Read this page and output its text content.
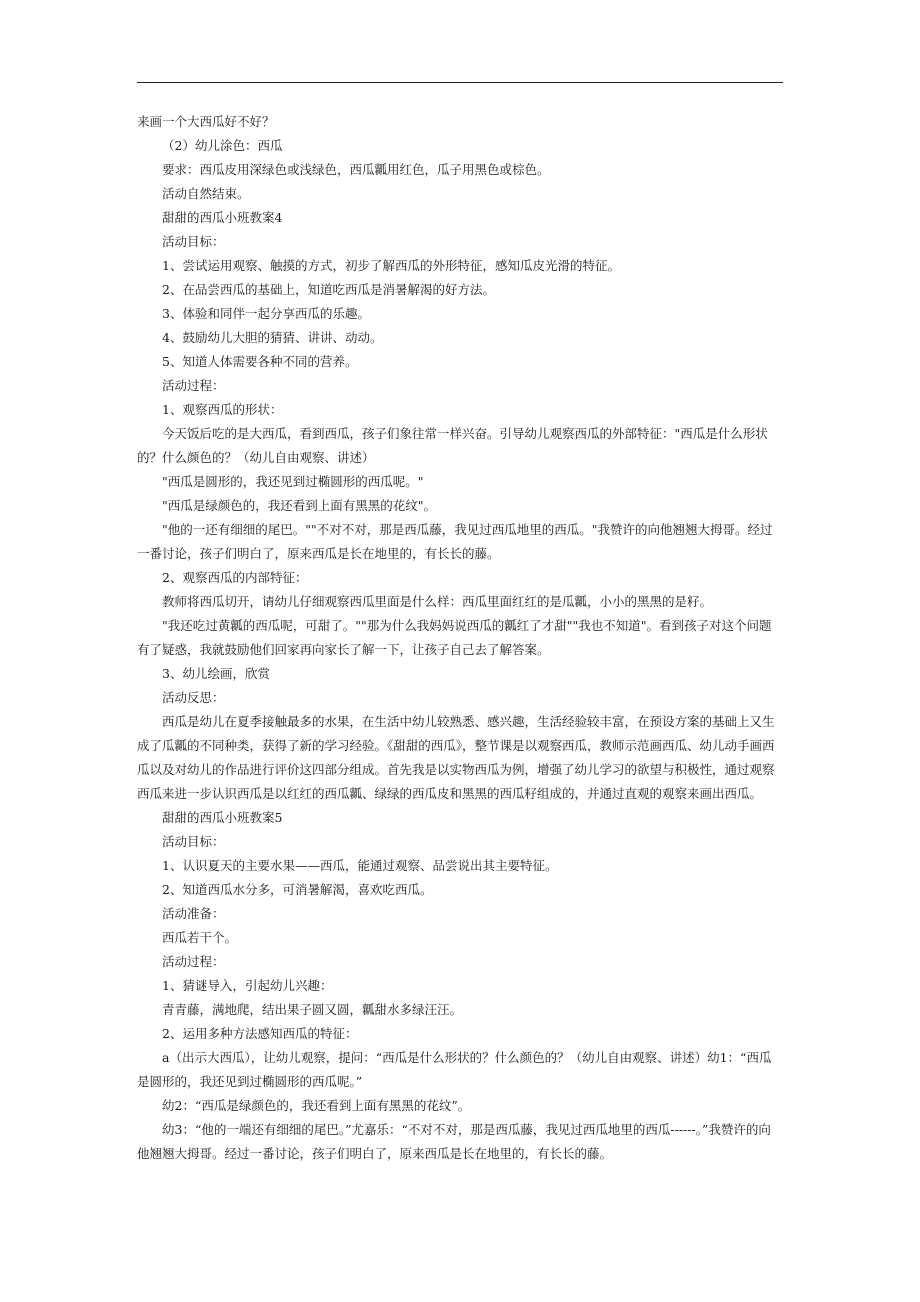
来画一个大西瓜好不好？

（2）幼儿涂色：西瓜

要求：西瓜皮用深绿色或浅绿色，西瓜瓤用红色，瓜子用黑色或棕色。

活动自然结束。

甜甜的西瓜小班教案4

活动目标：

1、尝试运用观察、触摸的方式，初步了解西瓜的外形特征，感知瓜皮光滑的特征。

2、在品尝西瓜的基础上，知道吃西瓜是消暑解渴的好方法。

3、体验和同伴一起分享西瓜的乐趣。

4、鼓励幼儿大胆的猜猜、讲讲、动动。

5、知道人体需要各种不同的营养。

活动过程：

1、观察西瓜的形状：

今天饭后吃的是大西瓜，看到西瓜，孩子们象往常一样兴奋。引导幼儿观察西瓜的外部特征："西瓜是什么形状的？什么颜色的？（幼儿自由观察、讲述）

"西瓜是圆形的，我还见到过椭圆形的西瓜呢。"

"西瓜是绿颜色的，我还看到上面有黑黑的花纹"。

"他的一还有细细的尾巴。""不对不对，那是西瓜藤，我见过西瓜地里的西瓜。"我赞许的向他翘翘大拇哥。经过一番讨论，孩子们明白了，原来西瓜是长在地里的，有长长的藤。

2、观察西瓜的内部特征：

教师将西瓜切开，请幼儿仔细观察西瓜里面是什么样：西瓜里面红红的是瓜瓤，小小的黑黑的是籽。

"我还吃过黄瓤的西瓜呢，可甜了。""那为什么我妈妈说西瓜的瓤红了才甜""我也不知道"。看到孩子对这个问题有了疑惑，我就鼓励他们回家再向家长了解一下，让孩子自己去了解答案。

3、幼儿绘画，欣赏

活动反思：

西瓜是幼儿在夏季接触最多的水果，在生活中幼儿较熟悉、感兴趣，生活经验较丰富，在预设方案的基础上又生成了瓜瓤的不同种类，获得了新的学习经验。《甜甜的西瓜》，整节课是以观察西瓜，教师示范画西瓜、幼儿动手画西瓜以及对幼儿的作品进行评价这四部分组成。首先我是以实物西瓜为例，增强了幼儿学习的欲望与积极性，通过观察西瓜来进一步认识西瓜是以红红的西瓜瓤、绿绿的西瓜皮和黑黑的西瓜籽组成的，并通过直观的观察来画出西瓜。

甜甜的西瓜小班教案5

活动目标：

1、认识夏天的主要水果——西瓜，能通过观察、品尝说出其主要特征。

2、知道西瓜水分多，可消暑解渴，喜欢吃西瓜。

活动准备：

西瓜若干个。

活动过程：

1、猜谜导入，引起幼儿兴趣：

青青藤，满地爬，结出果子圆又圆，瓤甜水多绿汪汪。

2、运用多种方法感知西瓜的特征：

a（出示大西瓜），让幼儿观察，提问：“西瓜是什么形状的？什么颜色的？（幼儿自由观察、讲述）幼1：“西瓜是圆形的，我还见到过椭圆形的西瓜呢。”

幼2：“西瓜是绿颜色的，我还看到上面有黑黑的花纹”。

幼3：“他的一端还有细细的尾巴。”尤嘉乐：“不对不对，那是西瓜藤，我见过西瓜地里的西瓜------。”我赞许的向他翘翘大拇哥。经过一番讨论，孩子们明白了，原来西瓜是长在地里的，有长长的藤。
